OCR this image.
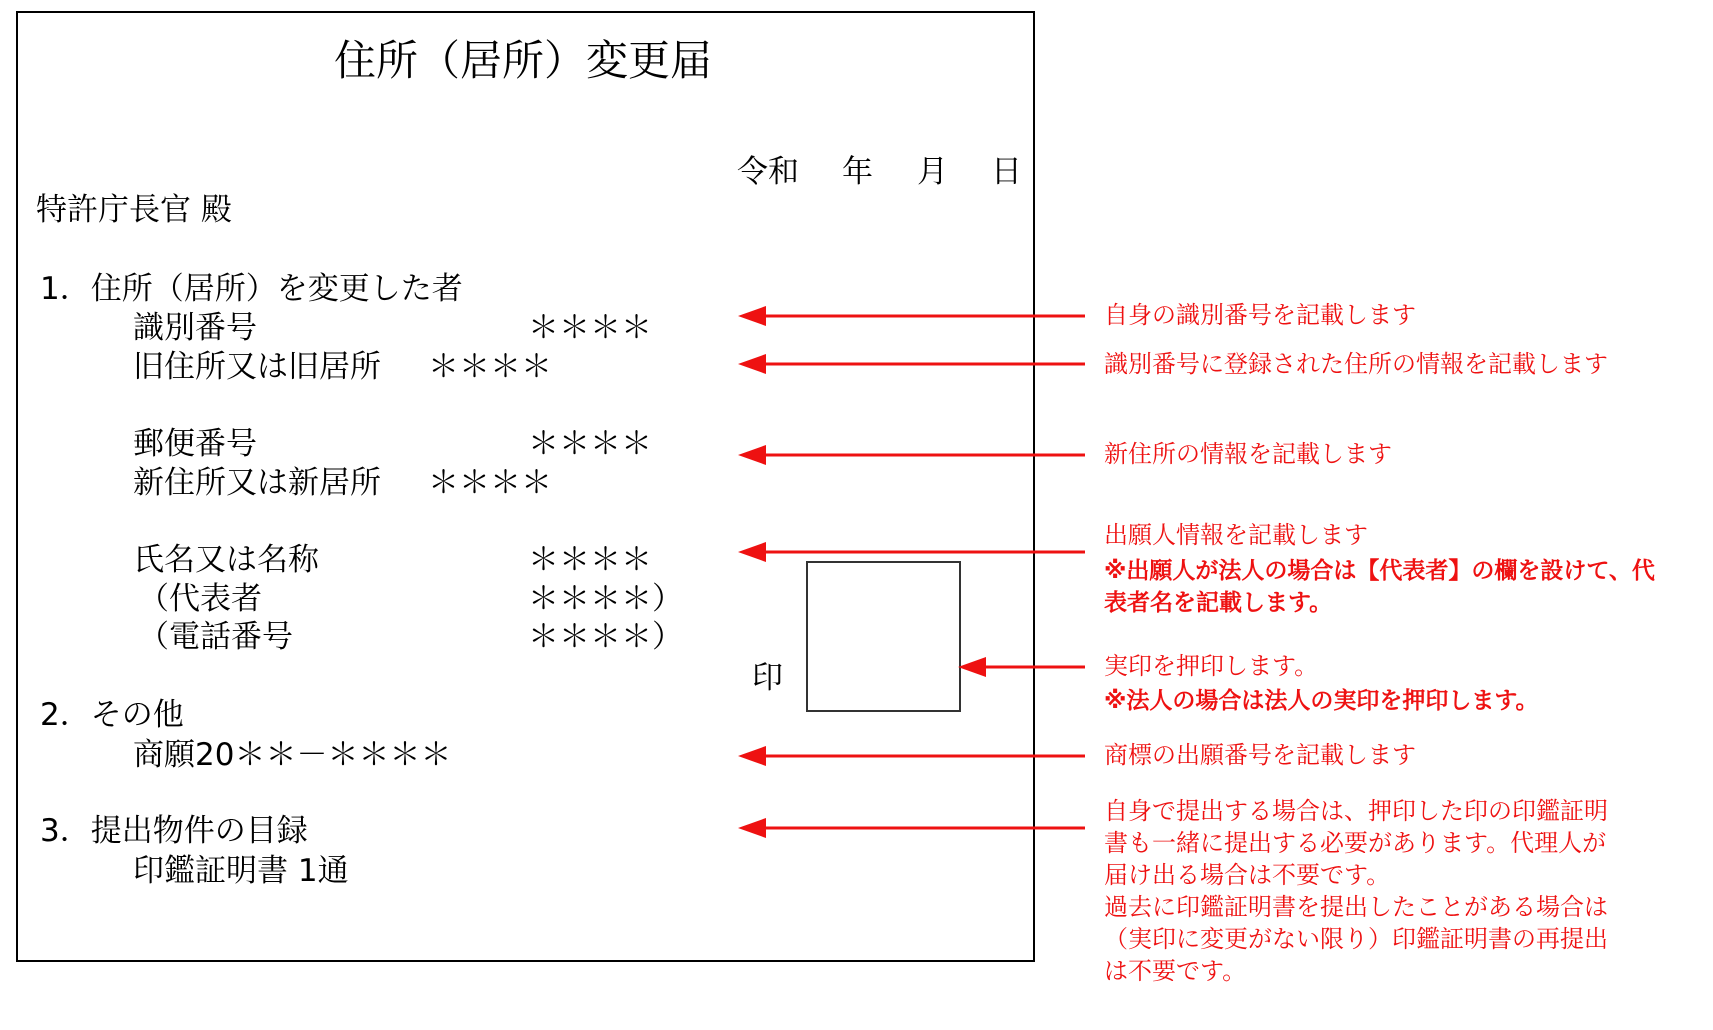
住所（居所）変更届
令和 年 月 日
特許庁長官 殿
1．住所（居所）を変更した者
識別番号	＊＊＊＊
旧住所又は旧居所 ＊＊＊＊
郵便番号	＊＊＊＊
新住所又は新居所 ＊＊＊＊
氏名又は名称	＊＊＊＊
（代表者	＊＊＊＊）
（電話番号	＊＊＊＊）
印
2．その他
商願20＊＊－＊＊＊＊
3．提出物件の目録
印鑑証明書 1通
自身の識別番号を記載します
識別番号に登録された住所の情報を記載します
新住所の情報を記載します
出願人情報を記載します
※出願人が法人の場合は【代表者】の欄を設けて、代
表者名を記載します。
実印を押印します。
※法人の場合は法人の実印を押印します。
商標の出願番号を記載します
自身で提出する場合は、押印した印の印鑑証明
書も一緒に提出する必要があります。代理人が
届け出る場合は不要です。
過去に印鑑証明書を提出したことがある場合は
（実印に変更がない限り）印鑑証明書の再提出
は不要です。
